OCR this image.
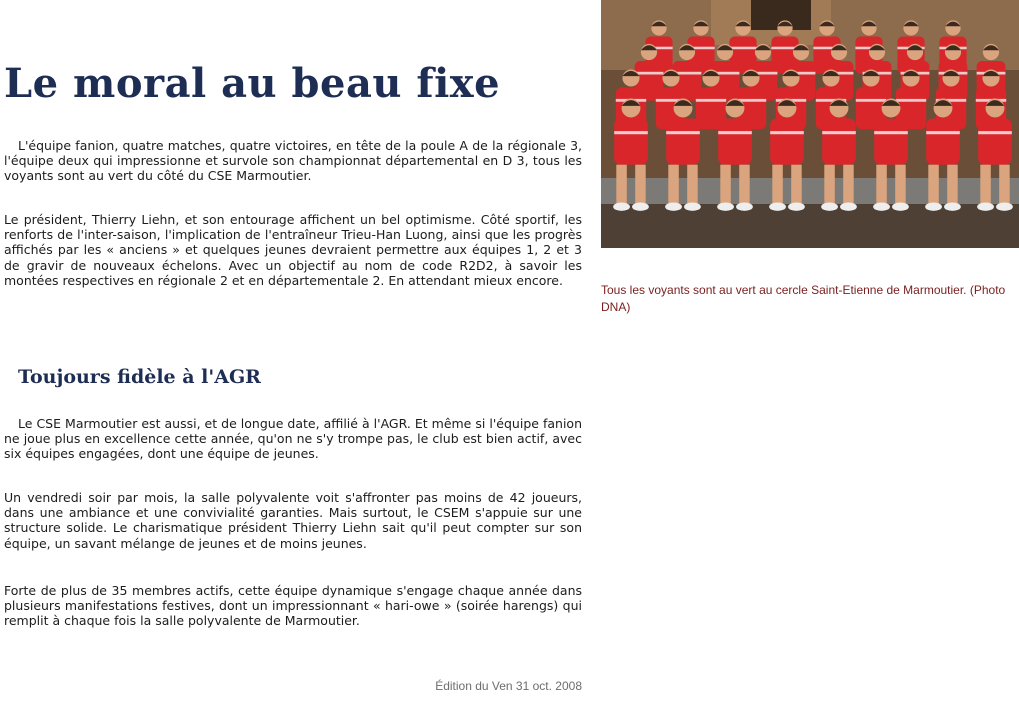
Le moral au beau fixe

L'équipe fanion, quatre matches, quatre victoires, en tête de la poule A de la régionale 3, l'équipe deux qui impressionne et survole son championnat départemental en D 3, tous les voyants sont au vert du côté du CSE Marmoutier.

Le président, Thierry Liehn, et son entourage affichent un bel optimisme. Côté sportif, les renforts de l'inter-saison, l'implication de l'entraîneur Trieu-Han Luong, ainsi que les progrès affichés par les « anciens » et quelques jeunes devraient permettre aux équipes 1, 2 et 3 de gravir de nouveaux échelons. Avec un objectif au nom de code R2D2, à savoir les montées respectives en régionale 2 et en départementale 2. En attendant mieux encore.

Toujours fidèle à l'AGR

Le CSE Marmoutier est aussi, et de longue date, affilié à l'AGR. Et même si l'équipe fanion ne joue plus en excellence cette année, qu'on ne s'y trompe pas, le club est bien actif, avec six équipes engagées, dont une équipe de jeunes.

Un vendredi soir par mois, la salle polyvalente voit s'affronter pas moins de 42 joueurs, dans une ambiance et une convivialité garanties. Mais surtout, le CSEM s'appuie sur une structure solide. Le charismatique président Thierry Liehn sait qu'il peut compter sur son équipe, un savant mélange de jeunes et de moins jeunes.

Forte de plus de 35 membres actifs, cette équipe dynamique s'engage chaque année dans plusieurs manifestations festives, dont un impressionnant « hari-owe » (soirée harengs) qui remplit à chaque fois la salle polyvalente de Marmoutier.

Édition du Ven 31 oct. 2008

Tous les voyants sont au vert au cercle Saint-Etienne de Marmoutier. (Photo DNA)
